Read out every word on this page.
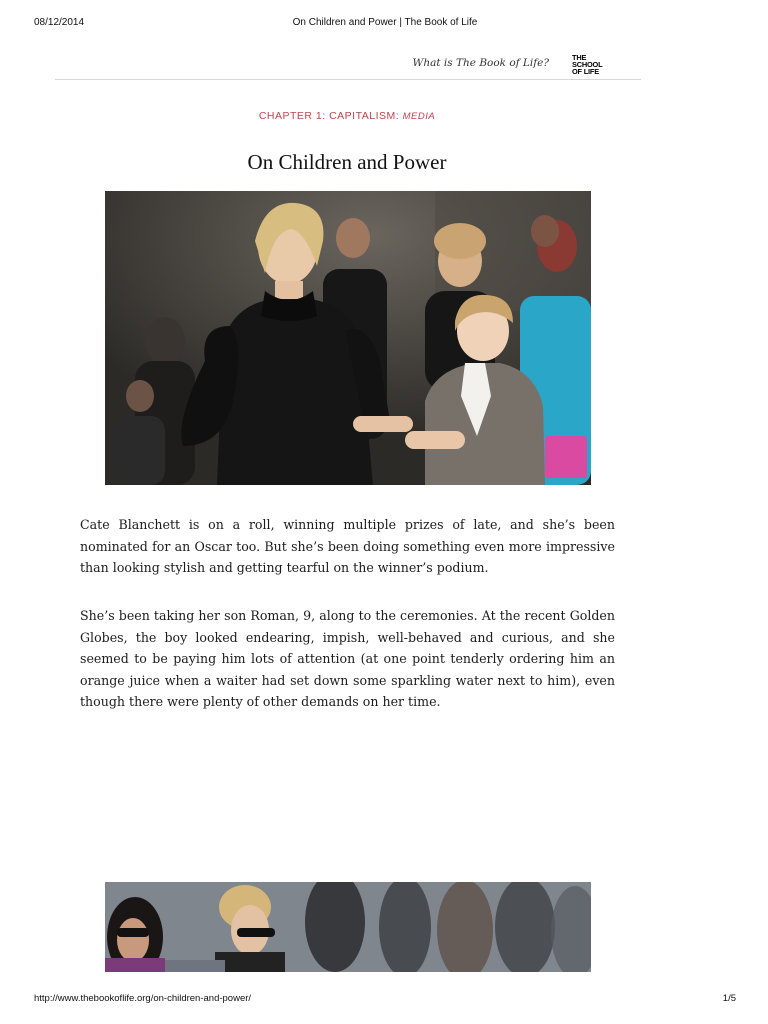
08/12/2014	On Children and Power | The Book of Life
What is The Book of Life?	THE
SCHOOL
OF LIFE
CHAPTER 1: CAPITALISM: MEDIA
On Children and Power

Cate Blanchett is on a roll, winning multiple prizes of late, and she’s been nominated for an Oscar too. But she’s been doing something even more impressive than looking stylish and getting tearful on the winner’s podium.

She’s been taking her son Roman, 9, along to the ceremonies. At the recent Golden Globes, the boy looked endearing, impish, well-behaved and curious, and she seemed to be paying him lots of attention (at one point tenderly ordering him an orange juice when a waiter had set down some sparkling water next to him), even though there were plenty of other demands on her time.

http://www.thebookoflife.org/on-children-and-power/	1/5
